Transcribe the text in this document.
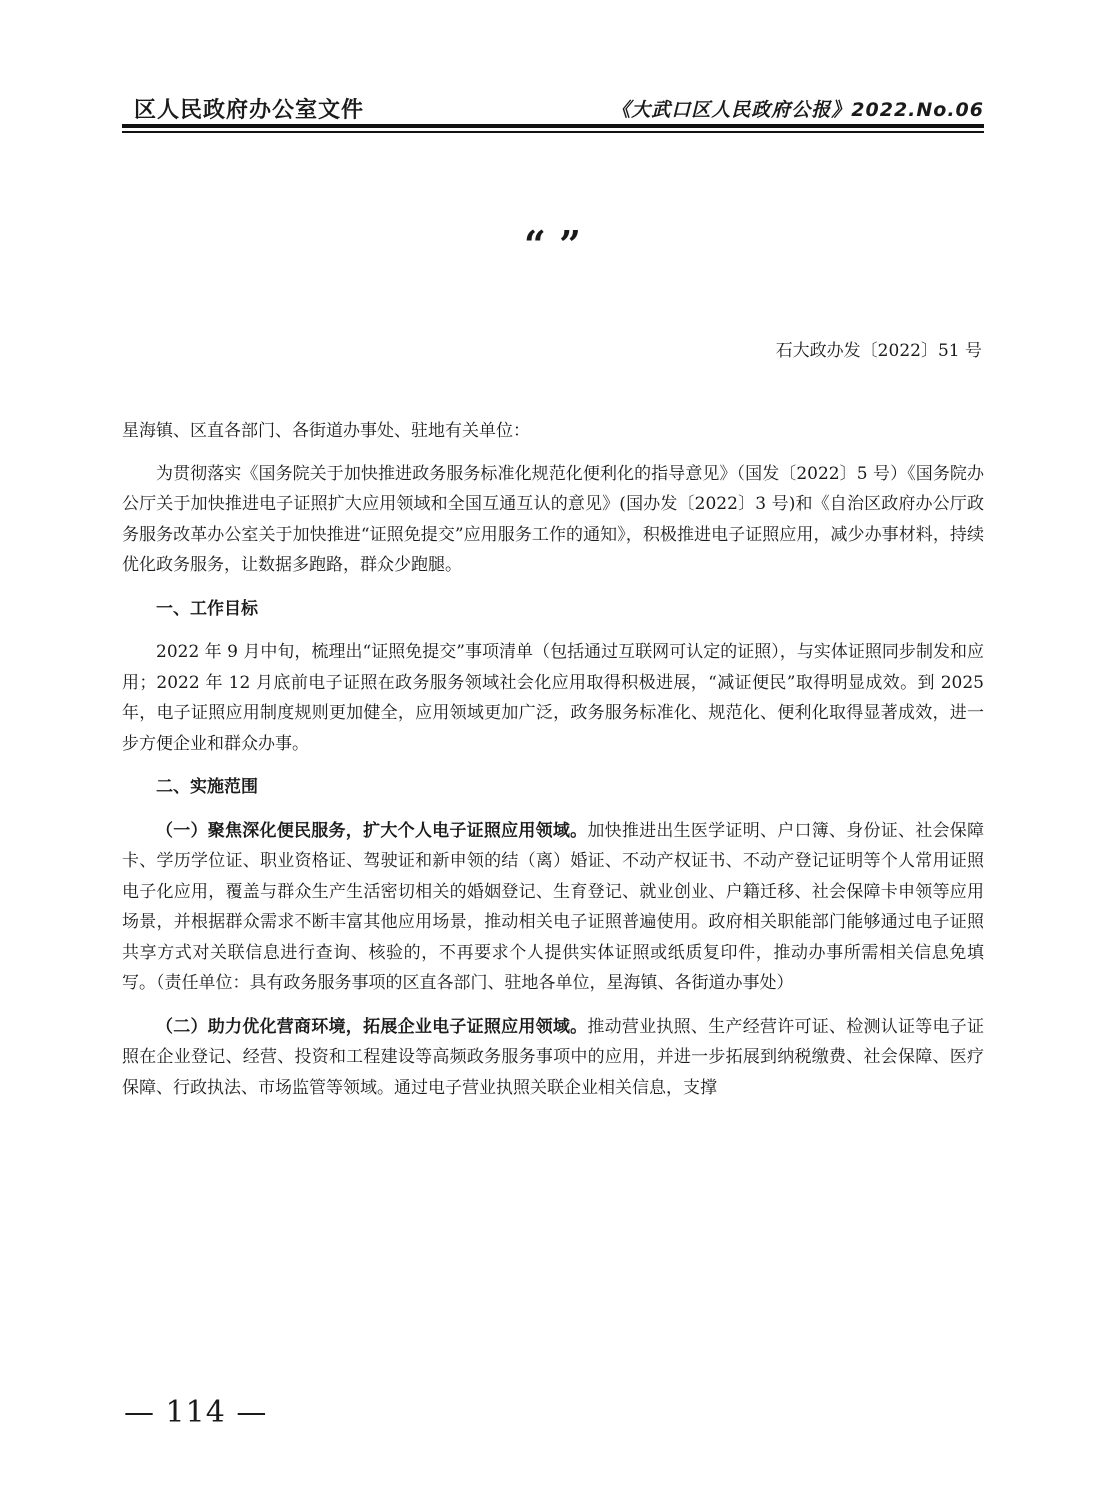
区人民政府办公室文件	《大武口区人民政府公报》2022.No.06
“ ”
石大政办发〔2022〕51 号

星海镇、区直各部门、各街道办事处、驻地有关单位：

为贯彻落实《国务院关于加快推进政务服务标准化规范化便利化的指导意见》（国发〔2022〕5 号）《国务院办公厅关于加快推进电子证照扩大应用领域和全国互通互认的意见》(国办发〔2022〕3 号)和《自治区政府办公厅政务服务改革办公室关于加快推进“证照免提交”应用服务工作的通知》，积极推进电子证照应用，减少办事材料，持续优化政务服务，让数据多跑路，群众少跑腿。

一、工作目标

2022 年 9 月中旬，梳理出“证照免提交”事项清单（包括通过互联网可认定的证照），与实体证照同步制发和应用；2022 年 12 月底前电子证照在政务服务领域社会化应用取得积极进展，“减证便民”取得明显成效。到 2025 年，电子证照应用制度规则更加健全，应用领域更加广泛，政务服务标准化、规范化、便利化取得显著成效，进一步方便企业和群众办事。

二、实施范围

（一）聚焦深化便民服务，扩大个人电子证照应用领域。加快推进出生医学证明、户口簿、身份证、社会保障卡、学历学位证、职业资格证、驾驶证和新申领的结（离）婚证、不动产权证书、不动产登记证明等个人常用证照电子化应用，覆盖与群众生产生活密切相关的婚姻登记、生育登记、就业创业、户籍迁移、社会保障卡申领等应用场景，并根据群众需求不断丰富其他应用场景，推动相关电子证照普遍使用。政府相关职能部门能够通过电子证照共享方式对关联信息进行查询、核验的，不再要求个人提供实体证照或纸质复印件，推动办事所需相关信息免填写。（责任单位：具有政务服务事项的区直各部门、驻地各单位，星海镇、各街道办事处）

（二）助力优化营商环境，拓展企业电子证照应用领域。推动营业执照、生产经营许可证、检测认证等电子证照在企业登记、经营、投资和工程建设等高频政务服务事项中的应用，并进一步拓展到纳税缴费、社会保障、医疗保障、行政执法、市场监管等领域。通过电子营业执照关联企业相关信息，支撑

— 114 —
